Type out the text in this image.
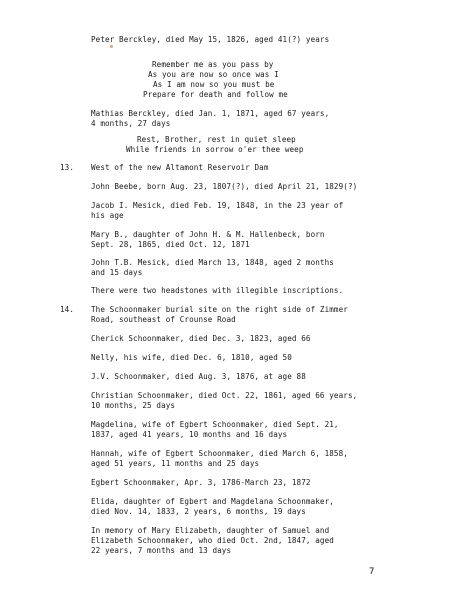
Peter Berckley, died May 15, 1826, aged 41(?) years
Remember me as you pass by
As you are now so once was I
As I am now so you must be
Prepare for death and follow me
Mathias Berckley, died Jan. 1, 1871, aged 67 years,
4 months, 27 days
Rest, Brother, rest in quiet sleep
While friends in sorrow o'er thee weep
13. West of the new Altamont Reservoir Dam
John Beebe, born Aug. 23, 1807(?), died April 21, 1829(?)
Jacob I. Mesick, died Feb. 19, 1848, in the 23 year of
his age
Mary B., daughter of John H. & M. Hallenbeck, born
Sept. 28, 1865, died Oct. 12, 1871
John T.B. Mesick, died March 13, 1848, aged 2 months
and 15 days
There were two headstones with illegible inscriptions.
14. The Schoonmaker burial site on the right side of Zimmer
Road, southeast of Crounse Road
Cherick Schoonmaker, died Dec. 3, 1823, aged 66
Nelly, his wife, died Dec. 6, 1810, aged 50
J.V. Schoonmaker, died Aug. 3, 1876, at age 88
Christian Schoonmaker, died Oct. 22, 1861, aged 66 years,
10 months, 25 days
Magdelina, wife of Egbert Schoonmaker, died Sept. 21,
1837, aged 41 years, 10 months and 16 days
Hannah, wife of Egbert Schoonmaker, died March 6, 1858,
aged 51 years, 11 months and 25 days
Egbert Schoonmaker, Apr. 3, 1786-March 23, 1872
Elida, daughter of Egbert and Magdelana Schoonmaker,
died Nov. 14, 1833, 2 years, 6 months, 19 days
In memory of Mary Elizabeth, daughter of Samuel and
Elizabeth Schoonmaker, who died Oct. 2nd, 1847, aged
22 years, 7 months and 13 days
7
